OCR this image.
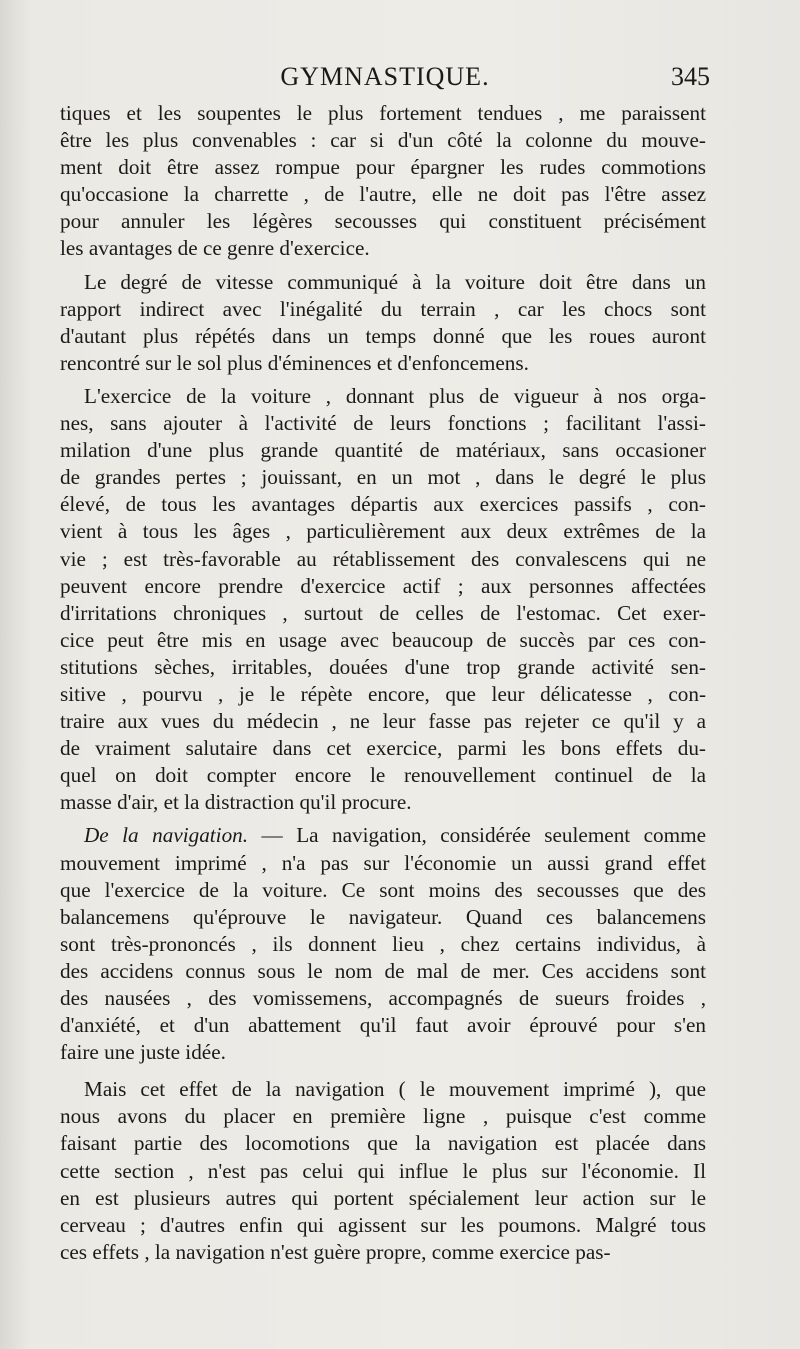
GYMNASTIQUE.	345
tiques et les soupentes le plus fortement tendues , me paraissent
être les plus convenables : car si d'un côté la colonne du mouve-
ment doit être assez rompue pour épargner les rudes commotions
qu'occasione la charrette , de l'autre, elle ne doit pas l'être assez
pour annuler les légères secousses qui constituent précisément
les avantages de ce genre d'exercice.
Le degré de vitesse communiqué à la voiture doit être dans un
rapport indirect avec l'inégalité du terrain , car les chocs sont
d'autant plus répétés dans un temps donné que les roues auront
rencontré sur le sol plus d'éminences et d'enfoncemens.
L'exercice de la voiture , donnant plus de vigueur à nos orga-
nes, sans ajouter à l'activité de leurs fonctions ; facilitant l'assi-
milation d'une plus grande quantité de matériaux, sans occasioner
de grandes pertes ; jouissant, en un mot , dans le degré le plus
élevé, de tous les avantages départis aux exercices passifs , con-
vient à tous les âges , particulièrement aux deux extrêmes de la
vie ; est très-favorable au rétablissement des convalescens qui ne
peuvent encore prendre d'exercice actif ; aux personnes affectées
d'irritations chroniques , surtout de celles de l'estomac. Cet exer-
cice peut être mis en usage avec beaucoup de succès par ces con-
stitutions sèches, irritables, douées d'une trop grande activité sen-
sitive , pourvu , je le répète encore, que leur délicatesse , con-
traire aux vues du médecin , ne leur fasse pas rejeter ce qu'il y a
de vraiment salutaire dans cet exercice, parmi les bons effets du-
quel on doit compter encore le renouvellement continuel de la
masse d'air, et la distraction qu'il procure.
De la navigation. — La navigation, considérée seulement comme
mouvement imprimé , n'a pas sur l'économie un aussi grand effet
que l'exercice de la voiture. Ce sont moins des secousses que des
balancemens qu'éprouve le navigateur. Quand ces balancemens
sont très-prononcés , ils donnent lieu , chez certains individus, à
des accidens connus sous le nom de mal de mer. Ces accidens sont
des nausées , des vomissemens, accompagnés de sueurs froides ,
d'anxiété, et d'un abattement qu'il faut avoir éprouvé pour s'en
faire une juste idée.
Mais cet effet de la navigation ( le mouvement imprimé ), que
nous avons du placer en première ligne , puisque c'est comme
faisant partie des locomotions que la navigation est placée dans
cette section , n'est pas celui qui influe le plus sur l'économie. Il
en est plusieurs autres qui portent spécialement leur action sur le
cerveau ; d'autres enfin qui agissent sur les poumons. Malgré tous
ces effets , la navigation n'est guère propre, comme exercice pas-
